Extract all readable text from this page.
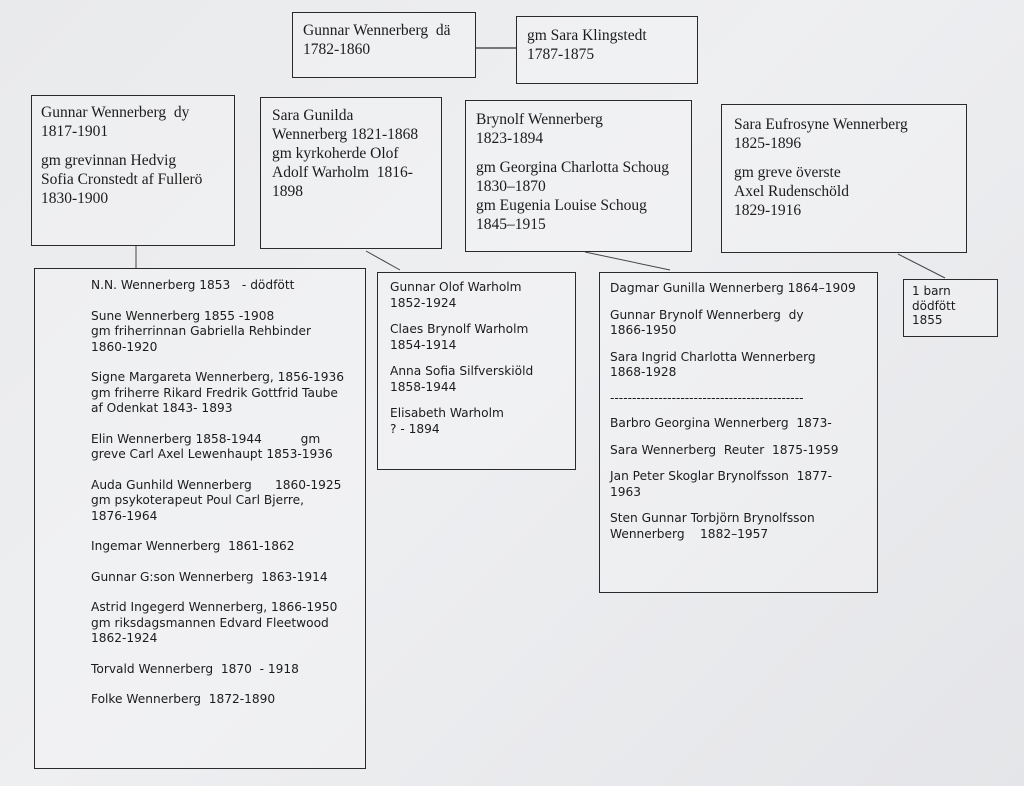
Gunnar Wennerberg  dä
1782-1860
gm Sara Klingstedt
1787-1875
Gunnar Wennerberg  dy
1817-1901
gm grevinnan Hedvig
Sofia Cronstedt af Fullerö
1830-1900
Sara Gunilda
Wennerberg 1821-1868
gm kyrkoherde Olof
Adolf Warholm  1816-
1898
Brynolf Wennerberg
1823-1894
gm Georgina Charlotta Schoug
1830–1870
gm Eugenia Louise Schoug
1845–1915
Sara Eufrosyne Wennerberg
1825-1896
gm greve överste
Axel Rudenschöld
1829-1916
N.N. Wennerberg 1853   - dödfött
Sune Wennerberg 1855 -1908
gm friherrinnan Gabriella Rehbinder
1860-1920
Signe Margareta Wennerberg, 1856-1936
gm friherre Rikard Fredrik Gottfrid Taube
af Odenkat 1843- 1893
Elin Wennerberg 1858-1944          gm
greve Carl Axel Lewenhaupt 1853-1936
Auda Gunhild Wennerberg      1860-1925
gm psykoterapeut Poul Carl Bjerre,
1876-1964
Ingemar Wennerberg  1861-1862
Gunnar G:son Wennerberg  1863-1914
Astrid Ingegerd Wennerberg, 1866-1950
gm riksdagsmannen Edvard Fleetwood
1862-1924
Torvald Wennerberg  1870  - 1918
Folke Wennerberg  1872-1890
Gunnar Olof Warholm
1852-1924
Claes Brynolf Warholm
1854-1914
Anna Sofia Silfverskiöld
1858-1944
Elisabeth Warholm
? - 1894
Dagmar Gunilla Wennerberg 1864–1909
Gunnar Brynolf Wennerberg  dy
1866-1950
Sara Ingrid Charlotta Wennerberg
1868-1928
--------------------------------------------
Barbro Georgina Wennerberg  1873-
Sara Wennerberg  Reuter  1875-1959
Jan Peter Skoglar Brynolfsson  1877-
1963
Sten Gunnar Torbjörn Brynolfsson
Wennerberg    1882–1957
1 barn
dödfött
1855
